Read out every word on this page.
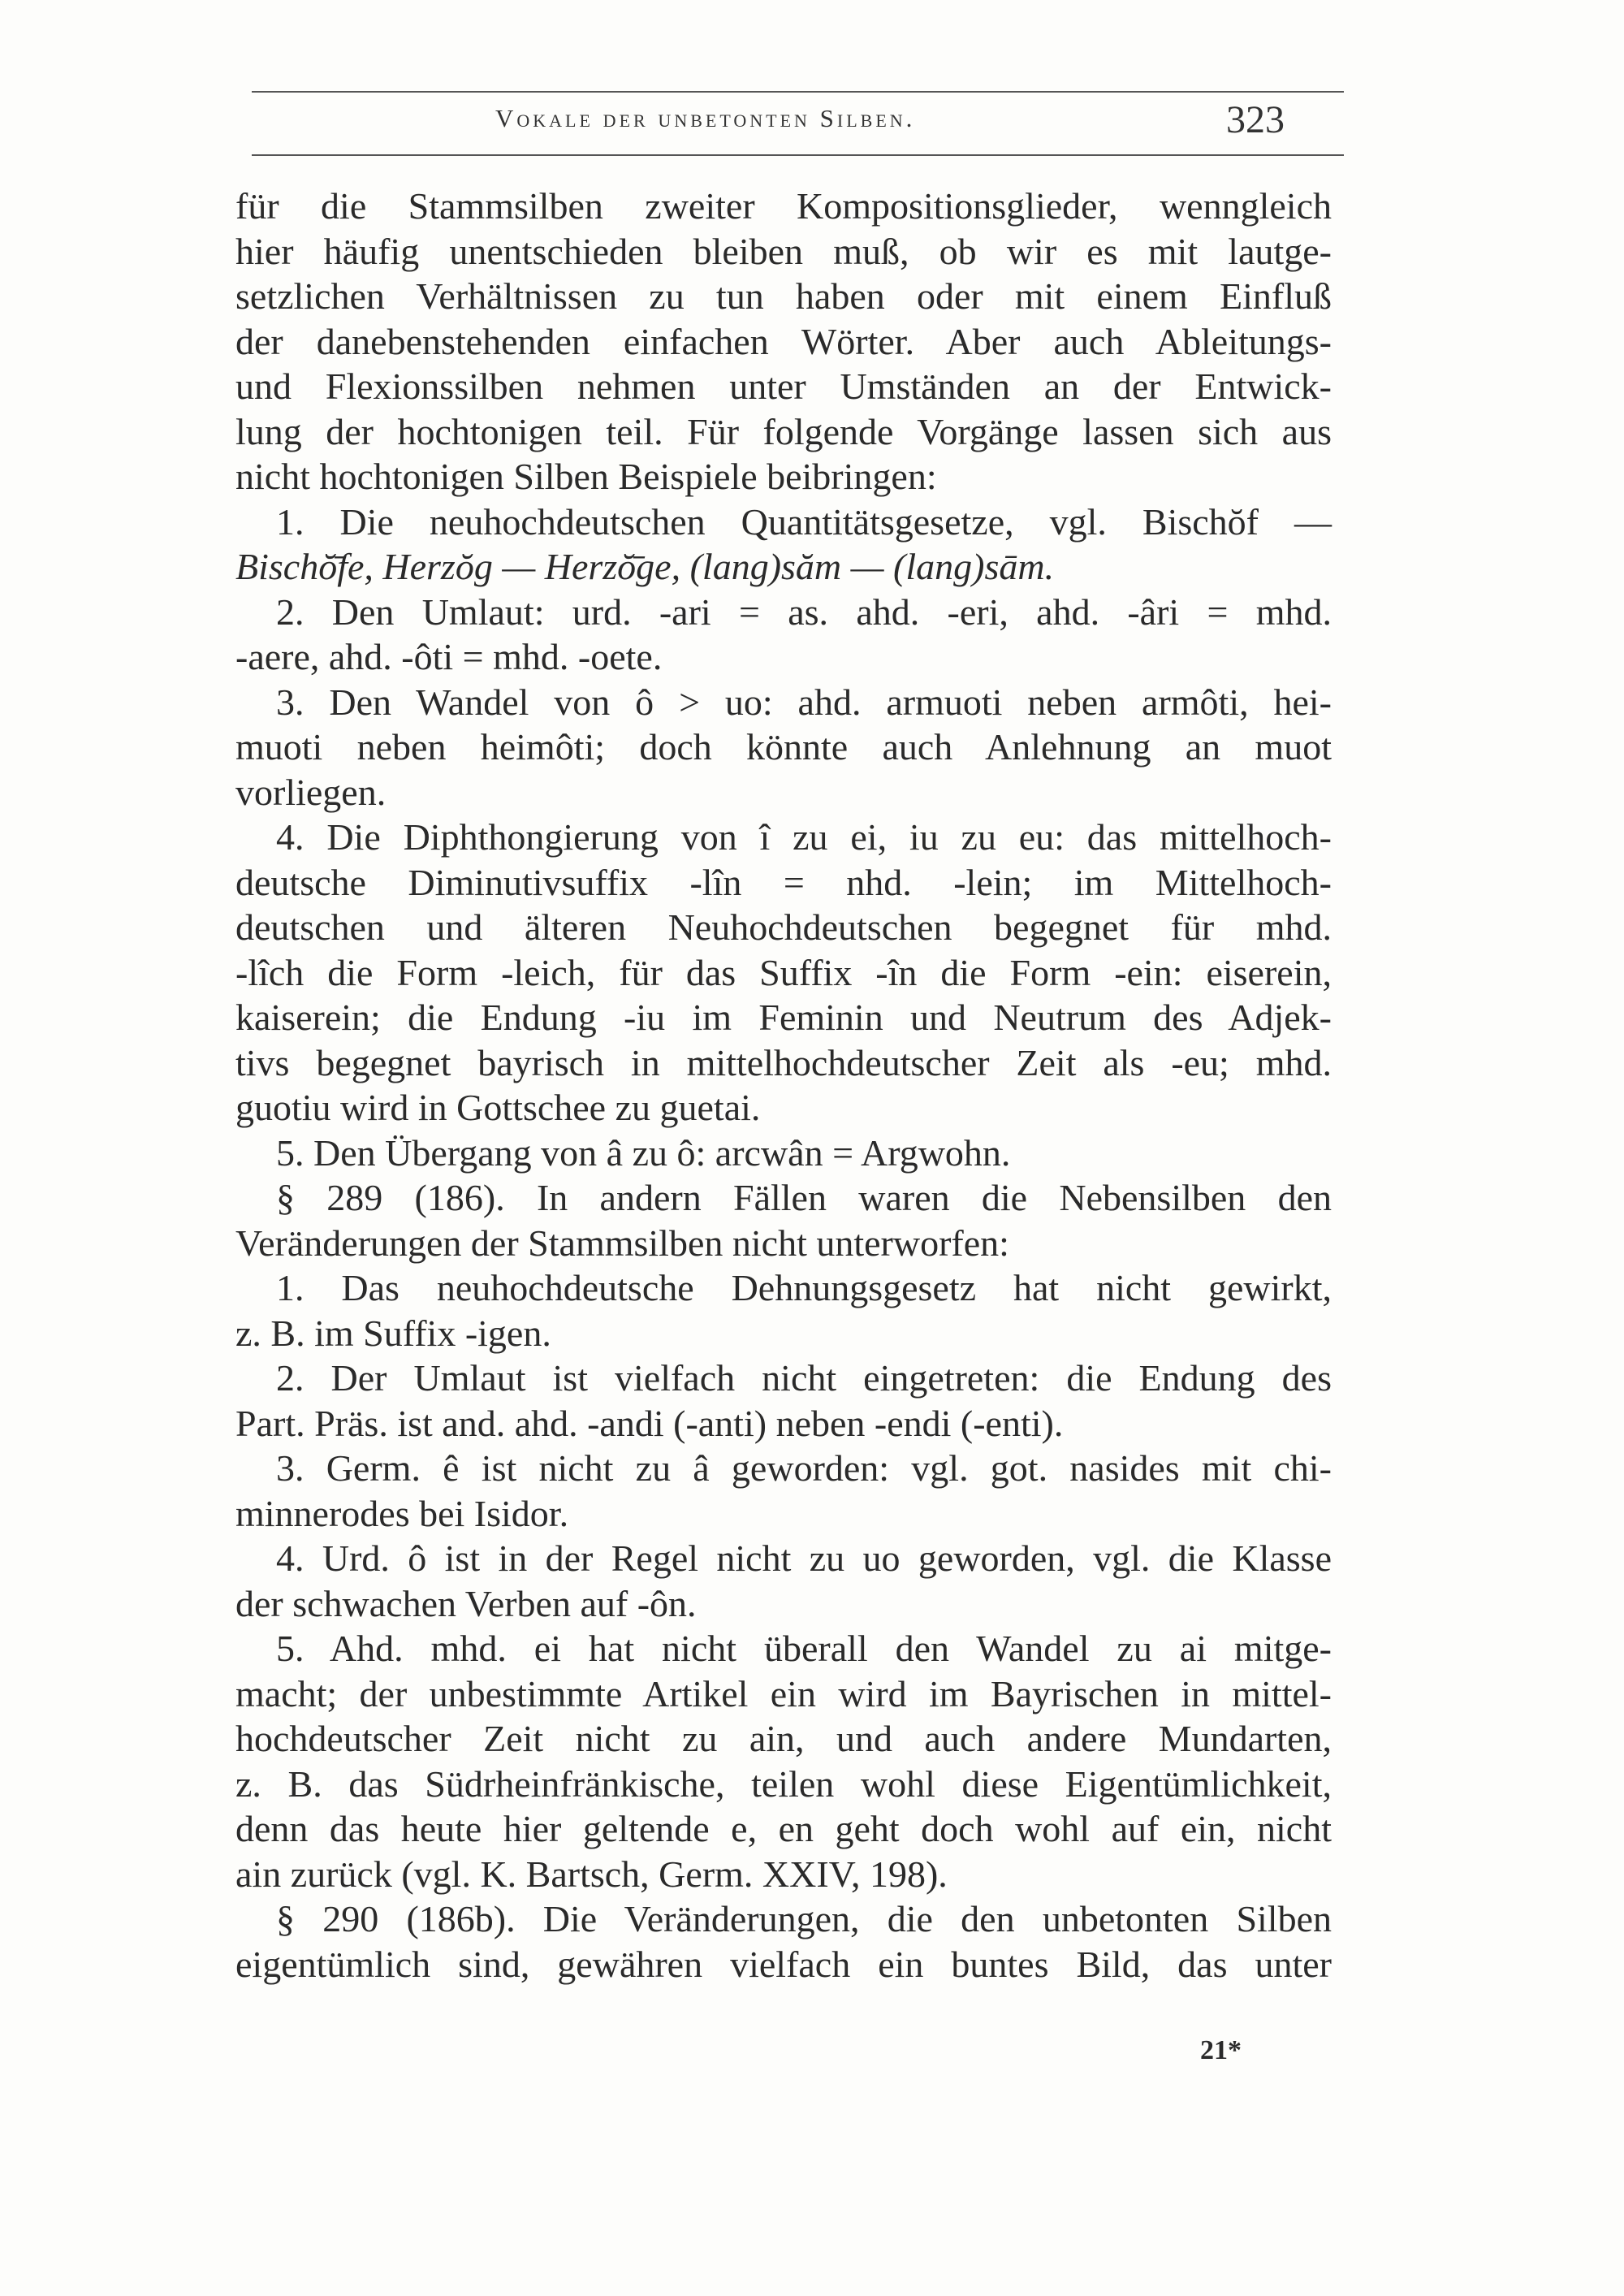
Vokale der unbetonten Silben.	323
für die Stammsilben zweiter Kompositionsglieder, wenngleich
hier häufig unentschieden bleiben muß, ob wir es mit lautge-
setzlichen Verhältnissen zu tun haben oder mit einem Einfluß
der danebenstehenden einfachen Wörter. Aber auch Ableitungs-
und Flexionssilben nehmen unter Umständen an der Entwick-
lung der hochtonigen teil. Für folgende Vorgänge lassen sich aus
nicht hochtonigen Silben Beispiele beibringen:
1. Die neuhochdeutschen Quantitätsgesetze, vgl. Bischŏf —
Bischŏ̄fe, Herzŏg — Herzŏ̄ge, (lang)săm — (lang)sām.
2. Den Umlaut: urd. -ari = as. ahd. -eri, ahd. -âri = mhd.
-aere, ahd. -ôti = mhd. -oete.
3. Den Wandel von ô > uo: ahd. armuoti neben armôti, hei-
muoti neben heimôti; doch könnte auch Anlehnung an muot
vorliegen.
4. Die Diphthongierung von î zu ei, iu zu eu: das mittelhoch-
deutsche Diminutivsuffix -lîn = nhd. -lein; im Mittelhoch-
deutschen und älteren Neuhochdeutschen begegnet für mhd.
-lîch die Form -leich, für das Suffix -în die Form -ein: eiserein,
kaiserein; die Endung -iu im Feminin und Neutrum des Adjek-
tivs begegnet bayrisch in mittelhochdeutscher Zeit als -eu; mhd.
guotiu wird in Gottschee zu guetai.
5. Den Übergang von â zu ô: arcwân = Argwohn.
§ 289 (186). In andern Fällen waren die Nebensilben den
Veränderungen der Stammsilben nicht unterworfen:
1. Das neuhochdeutsche Dehnungsgesetz hat nicht gewirkt,
z. B. im Suffix -igen.
2. Der Umlaut ist vielfach nicht eingetreten: die Endung des
Part. Präs. ist and. ahd. -andi (-anti) neben -endi (-enti).
3. Germ. ê ist nicht zu â geworden: vgl. got. nasides mit chi-
minnerodes bei Isidor.
4. Urd. ô ist in der Regel nicht zu uo geworden, vgl. die Klasse
der schwachen Verben auf -ôn.
5. Ahd. mhd. ei hat nicht überall den Wandel zu ai mitge-
macht; der unbestimmte Artikel ein wird im Bayrischen in mittel-
hochdeutscher Zeit nicht zu ain, und auch andere Mundarten,
z. B. das Südrheinfränkische, teilen wohl diese Eigentümlichkeit,
denn das heute hier geltende e, en geht doch wohl auf ein, nicht
ain zurück (vgl. K. Bartsch, Germ. XXIV, 198).
§ 290 (186b). Die Veränderungen, die den unbetonten Silben
eigentümlich sind, gewähren vielfach ein buntes Bild, das unter
21*
